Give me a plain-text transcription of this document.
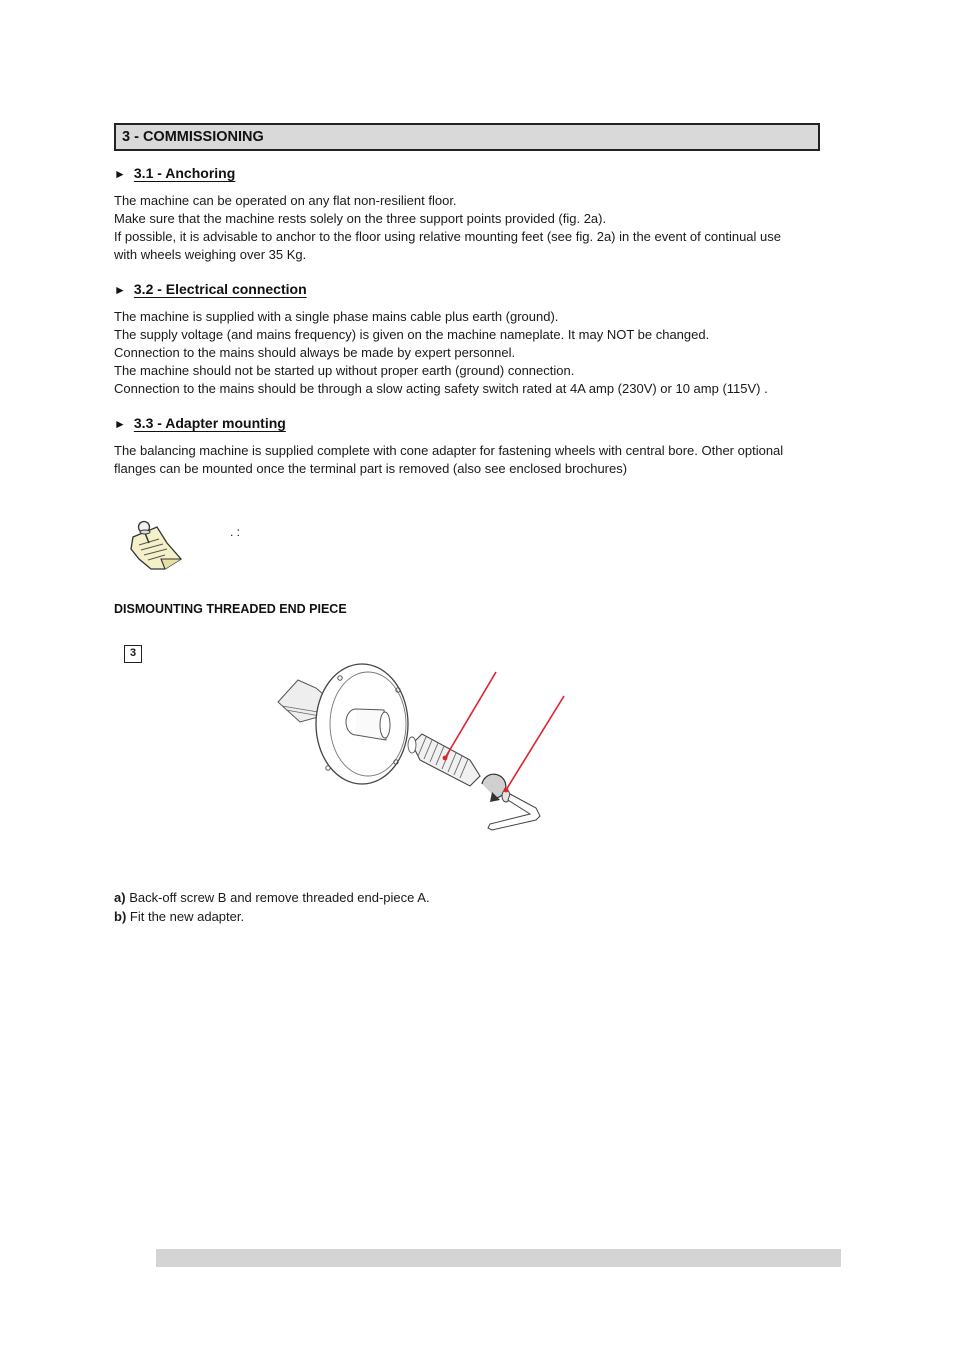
3 - COMMISSIONING
► 3.1 - Anchoring

The machine can be operated on any flat non-resilient floor.

Make sure that the machine rests solely on the three support points provided (fig. 2a).

If possible, it is advisable to anchor to the floor using relative mounting feet (see fig. 2a) in the event of continual use

with wheels weighing over 35 Kg.

► 3.2 - Electrical connection

The machine is supplied with a single phase mains cable plus earth (ground).

The supply voltage (and mains frequency) is given on the machine nameplate. It may NOT be changed.

Connection to the mains should always be made by expert personnel.

The machine should not be started up without proper earth (ground) connection.

Connection to the mains should be through a slow acting safety switch rated at 4A amp (230V) or 10 amp (115V) .

► 3.3 - Adapter mounting

The balancing machine is supplied complete with cone adapter for fastening wheels with central bore. Other optional

flanges can be mounted once the terminal part is removed (also see enclosed brochures)

. :
DISMOUNTING THREADED END PIECE
3

a) Back-off screw B and remove threaded end-piece A.

b) Fit the new adapter.
